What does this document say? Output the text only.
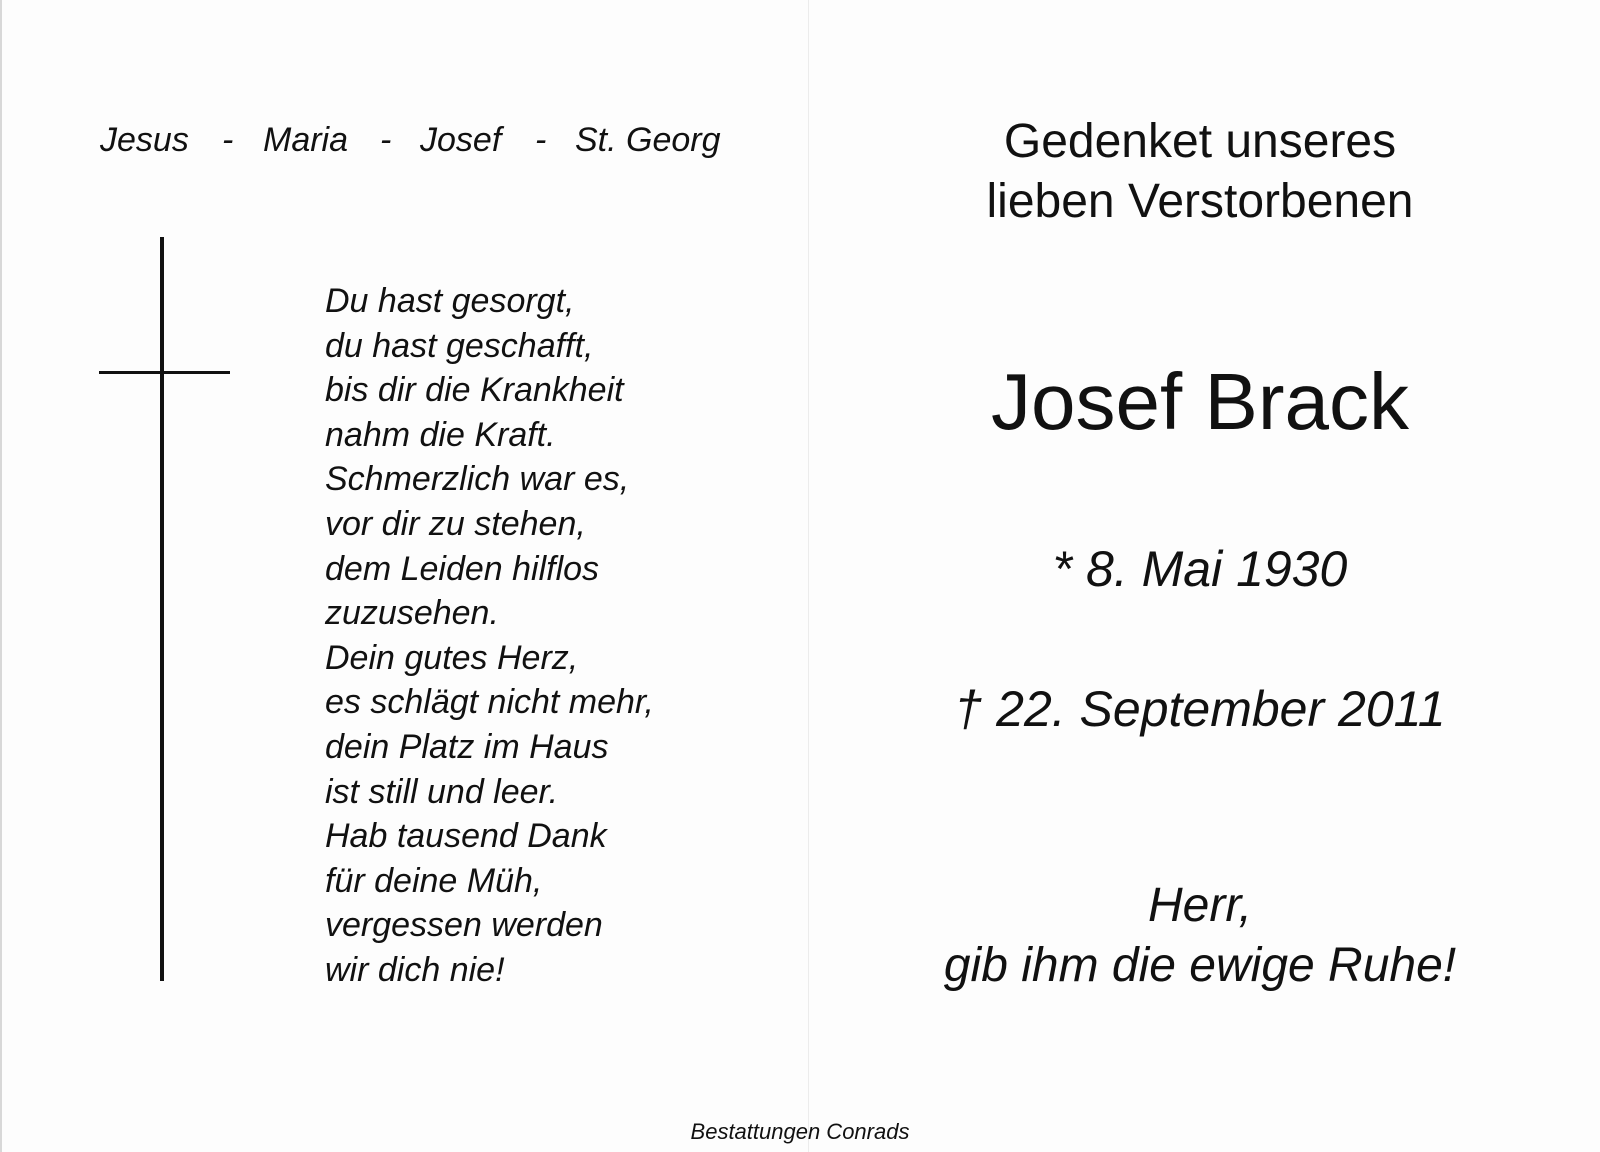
Jesus - Maria - Josef - St. Georg
Du hast gesorgt,
du hast geschafft,
bis dir die Krankheit
nahm die Kraft.
Schmerzlich war es,
vor dir zu stehen,
dem Leiden hilflos
zuzusehen.
Dein gutes Herz,
es schlägt nicht mehr,
dein Platz im Haus
ist still und leer.
Hab tausend Dank
für deine Müh,
vergessen werden
wir dich nie!
Gedenket unseres
lieben Verstorbenen
Josef Brack
* 8. Mai 1930
† 22. September 2011
Herr,
gib ihm die ewige Ruhe!
Bestattungen Conrads
